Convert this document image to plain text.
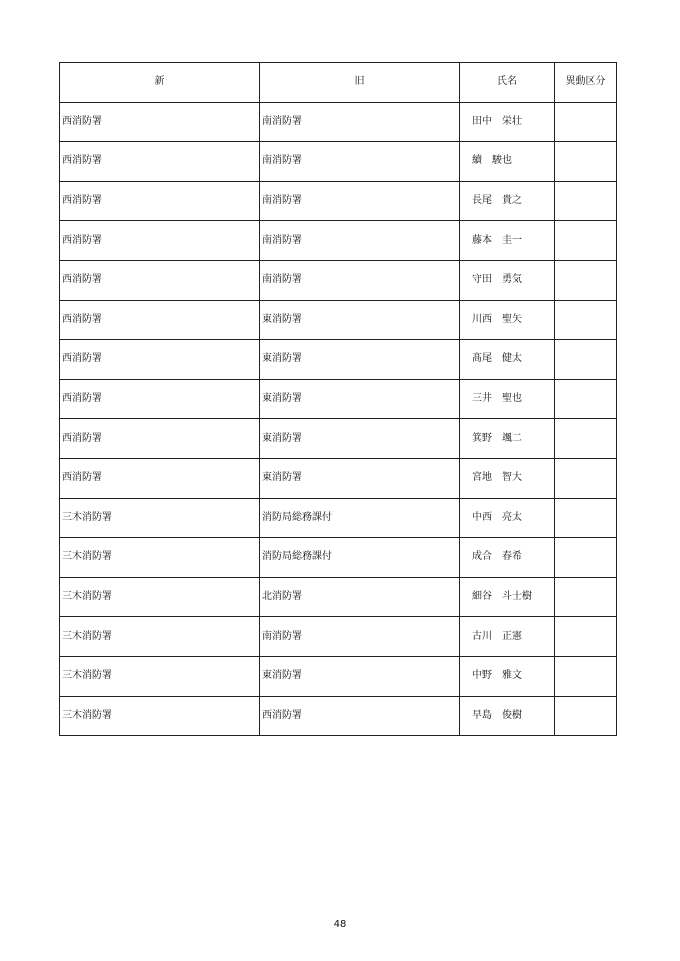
新	旧	氏名	異動区分
西消防署	南消防署	田中　栄壮	
西消防署	南消防署	續　駿也	
西消防署	南消防署	長尾　貴之	
西消防署	南消防署	藤本　圭一	
西消防署	南消防署	守田　勇気	
西消防署	東消防署	川西　聖矢	
西消防署	東消防署	髙尾　健太	
西消防署	東消防署	三井　聖也	
西消防署	東消防署	箕野　颯二	
西消防署	東消防署	宮地　智大	
三木消防署	消防局総務課付	中西　亮太	
三木消防署	消防局総務課付	成合　春希	
三木消防署	北消防署	細谷　斗士樹	
三木消防署	南消防署	古川　正憲	
三木消防署	東消防署	中野　雅文	
三木消防署	西消防署	早島　俊樹	
48
